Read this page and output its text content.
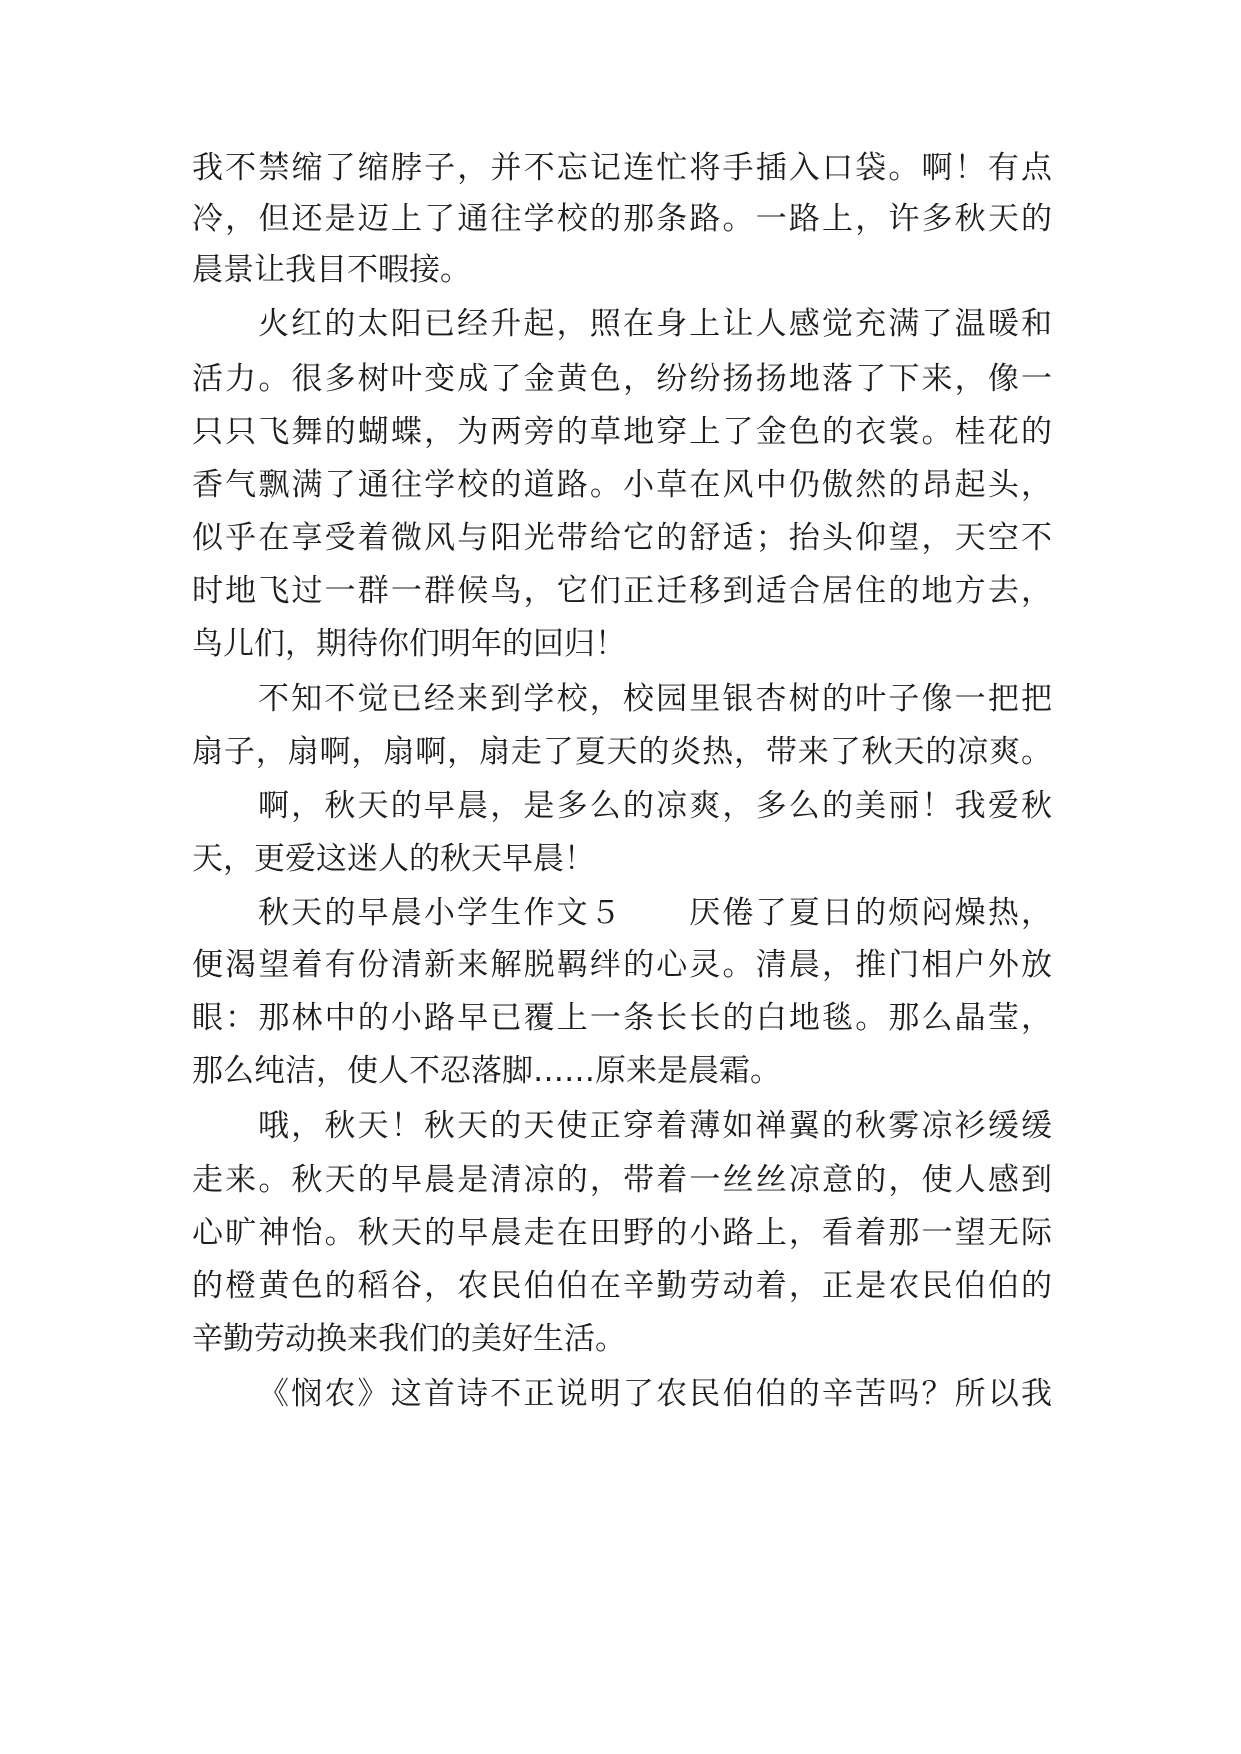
我不禁缩了缩脖子，并不忘记连忙将手插入口袋。啊！有点
冷，但还是迈上了通往学校的那条路。一路上，许多秋天的
晨景让我目不暇接。
火红的太阳已经升起，照在身上让人感觉充满了温暖和
活力。很多树叶变成了金黄色，纷纷扬扬地落了下来，像一
只只飞舞的蝴蝶，为两旁的草地穿上了金色的衣裳。桂花的
香气飘满了通往学校的道路。小草在风中仍傲然的昂起头，
似乎在享受着微风与阳光带给它的舒适；抬头仰望，天空不
时地飞过一群一群候鸟，它们正迁移到适合居住的地方去，
鸟儿们，期待你们明年的回归！
不知不觉已经来到学校，校园里银杏树的叶子像一把把
扇子，扇啊，扇啊，扇走了夏天的炎热，带来了秋天的凉爽。
啊，秋天的早晨，是多么的凉爽，多么的美丽！我爱秋
天，更爱这迷人的秋天早晨！
秋天的早晨小学生作文５　　厌倦了夏日的烦闷燥热，
便渴望着有份清新来解脱羁绊的心灵。清晨，推门相户外放
眼：那林中的小路早已覆上一条长长的白地毯。那么晶莹，
那么纯洁，使人不忍落脚……原来是晨霜。
哦，秋天！秋天的天使正穿着薄如禅翼的秋雾凉衫缓缓
走来。秋天的早晨是清凉的，带着一丝丝凉意的，使人感到
心旷神怡。秋天的早晨走在田野的小路上，看着那一望无际
的橙黄色的稻谷，农民伯伯在辛勤劳动着，正是农民伯伯的
辛勤劳动换来我们的美好生活。
《悯农》这首诗不正说明了农民伯伯的辛苦吗？所以我
